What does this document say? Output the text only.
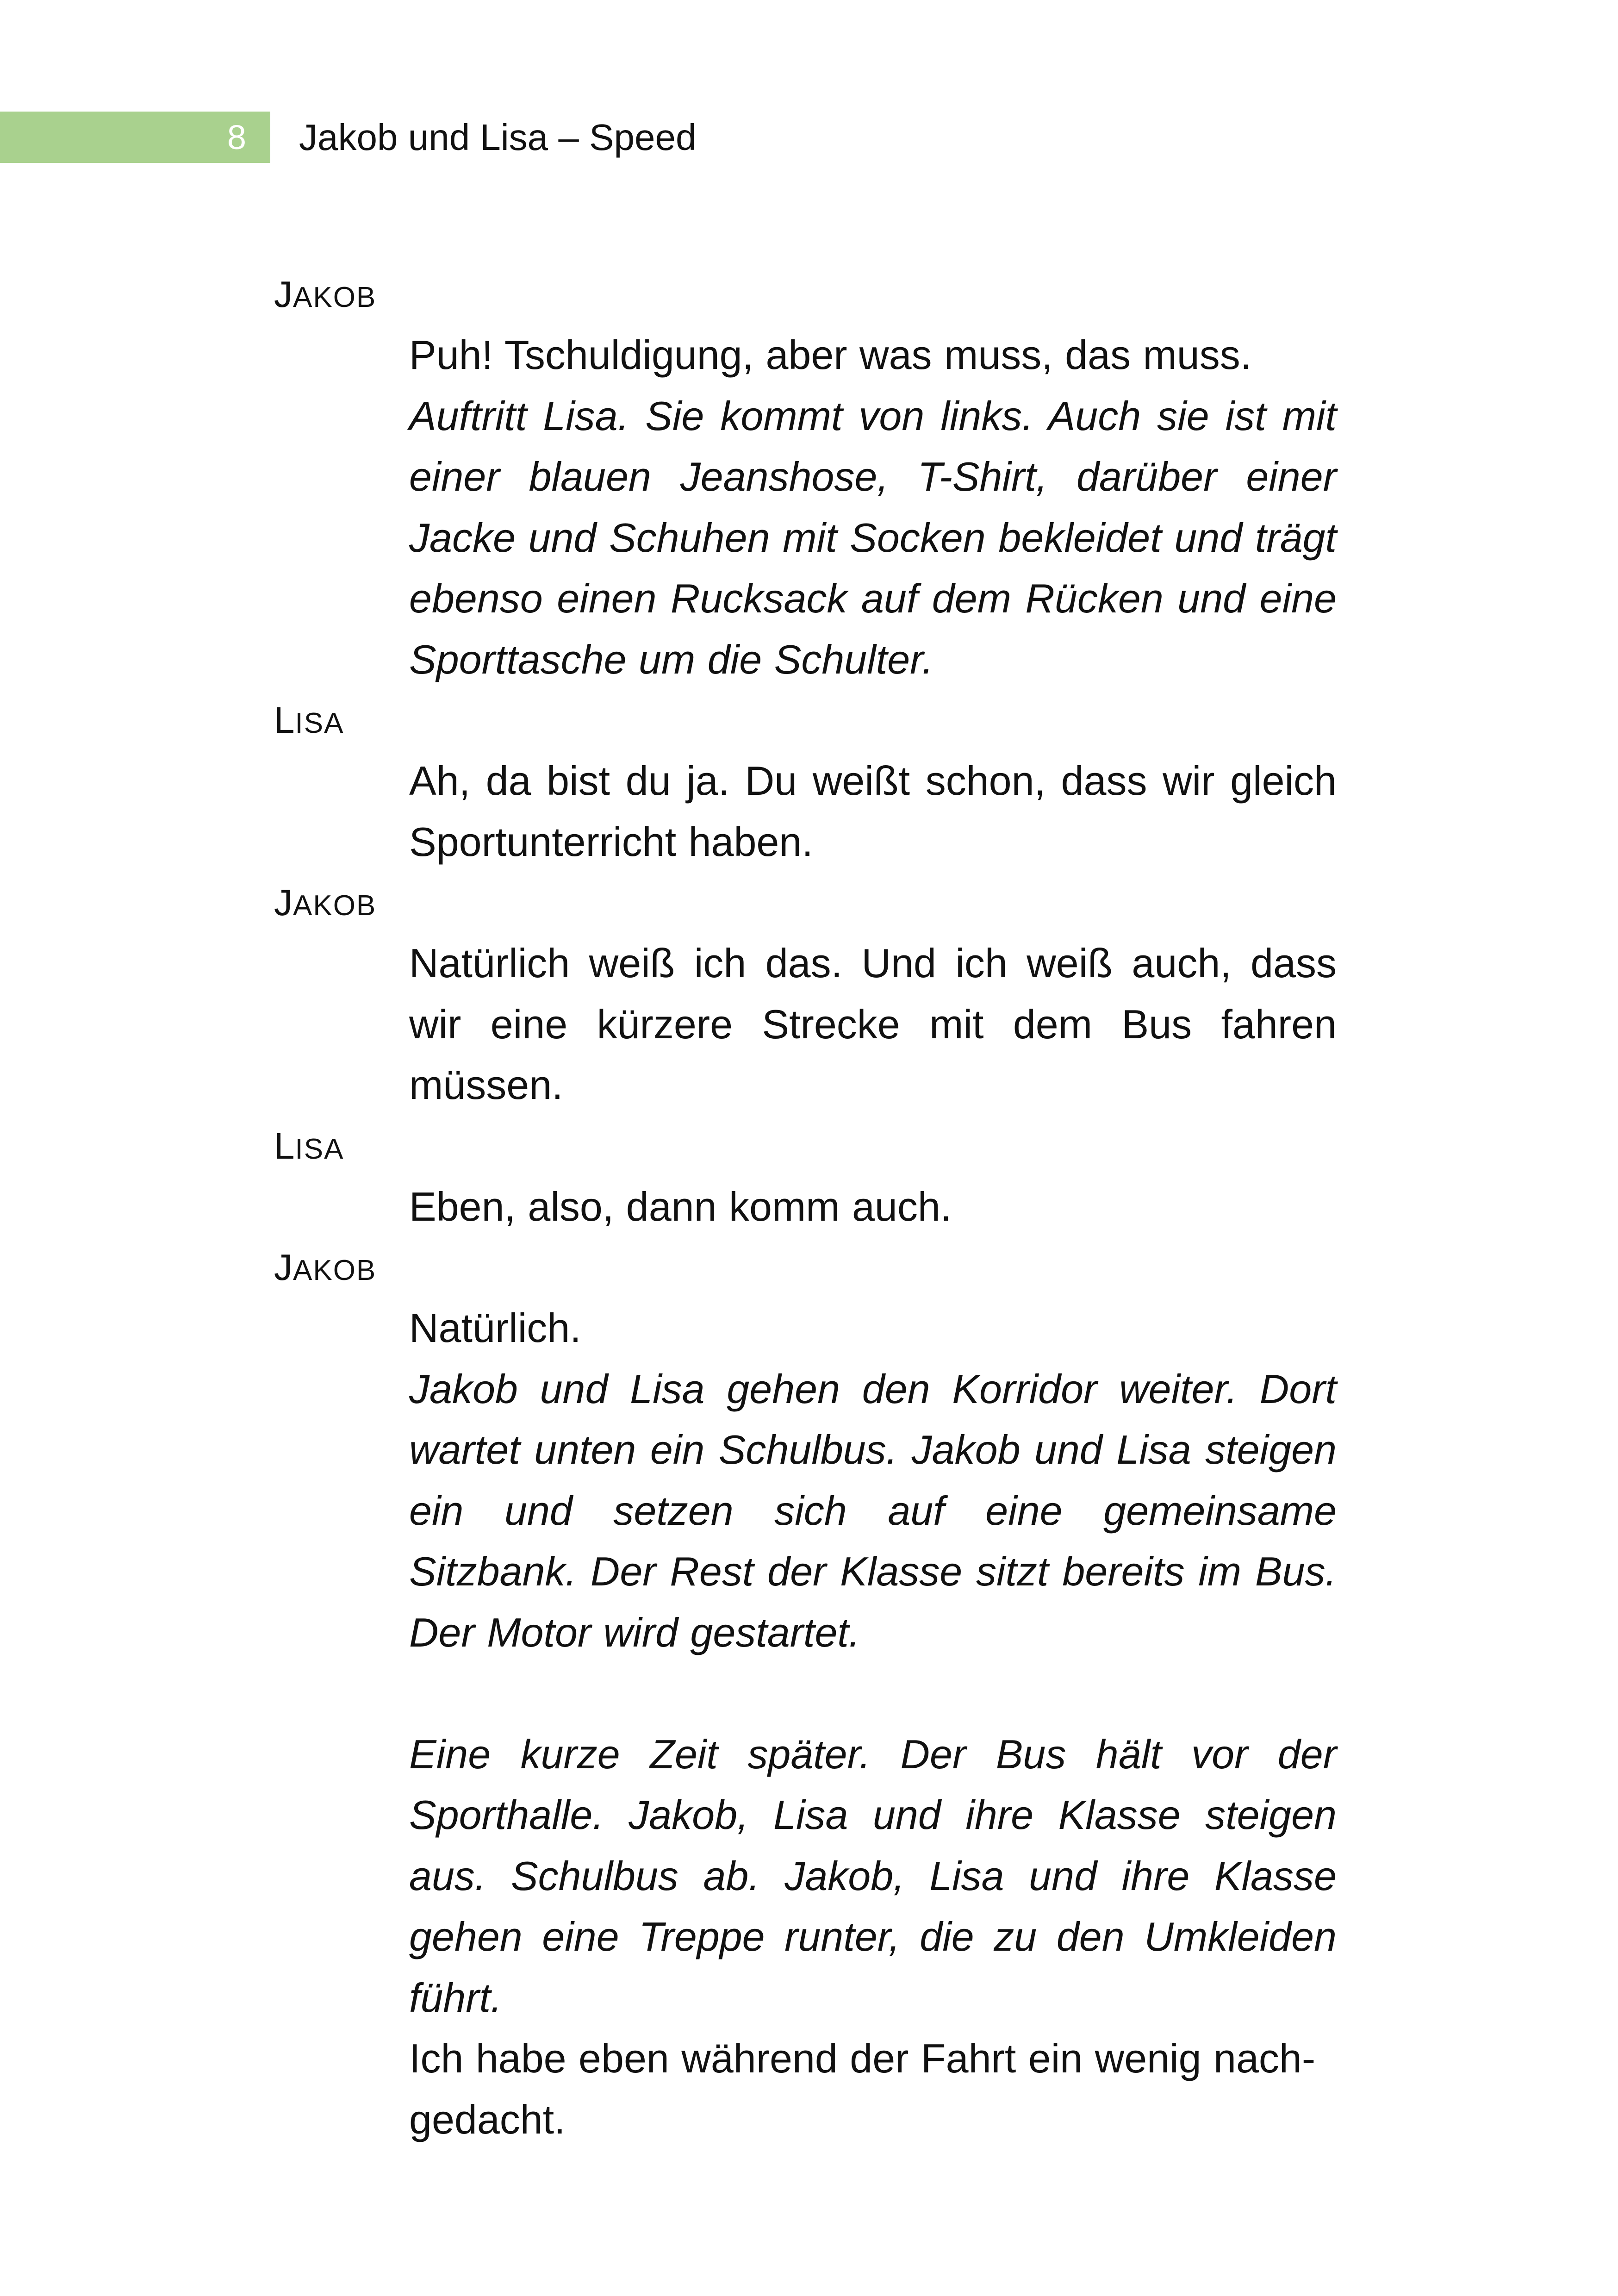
8 Jakob und Lisa – Speed
JAKOB
Puh! Tschuldigung, aber was muss, das muss.
Auftritt Lisa. Sie kommt von links. Auch sie ist mit einer blauen Jeanshose, T-Shirt, darüber einer Jacke und Schuhen mit Socken bekleidet und trägt ebenso einen Rucksack auf dem Rücken und eine Sporttasche um die Schulter.
LISA
Ah, da bist du ja. Du weißt schon, dass wir gleich Sportunterricht haben.
JAKOB
Natürlich weiß ich das. Und ich weiß auch, dass wir eine kürzere Strecke mit dem Bus fahren müssen.
LISA
Eben, also, dann komm auch.
JAKOB
Natürlich.
Jakob und Lisa gehen den Korridor weiter. Dort wartet unten ein Schulbus. Jakob und Lisa steigen ein und setzen sich auf eine gemeinsame Sitzbank. Der Rest der Klasse sitzt bereits im Bus. Der Motor wird gestartet.
Eine kurze Zeit später. Der Bus hält vor der Sporthalle. Jakob, Lisa und ihre Klasse steigen aus. Schulbus ab. Jakob, Lisa und ihre Klasse gehen eine Treppe runter, die zu den Umkleiden führt.
Ich habe eben während der Fahrt ein wenig nach-
gedacht.
